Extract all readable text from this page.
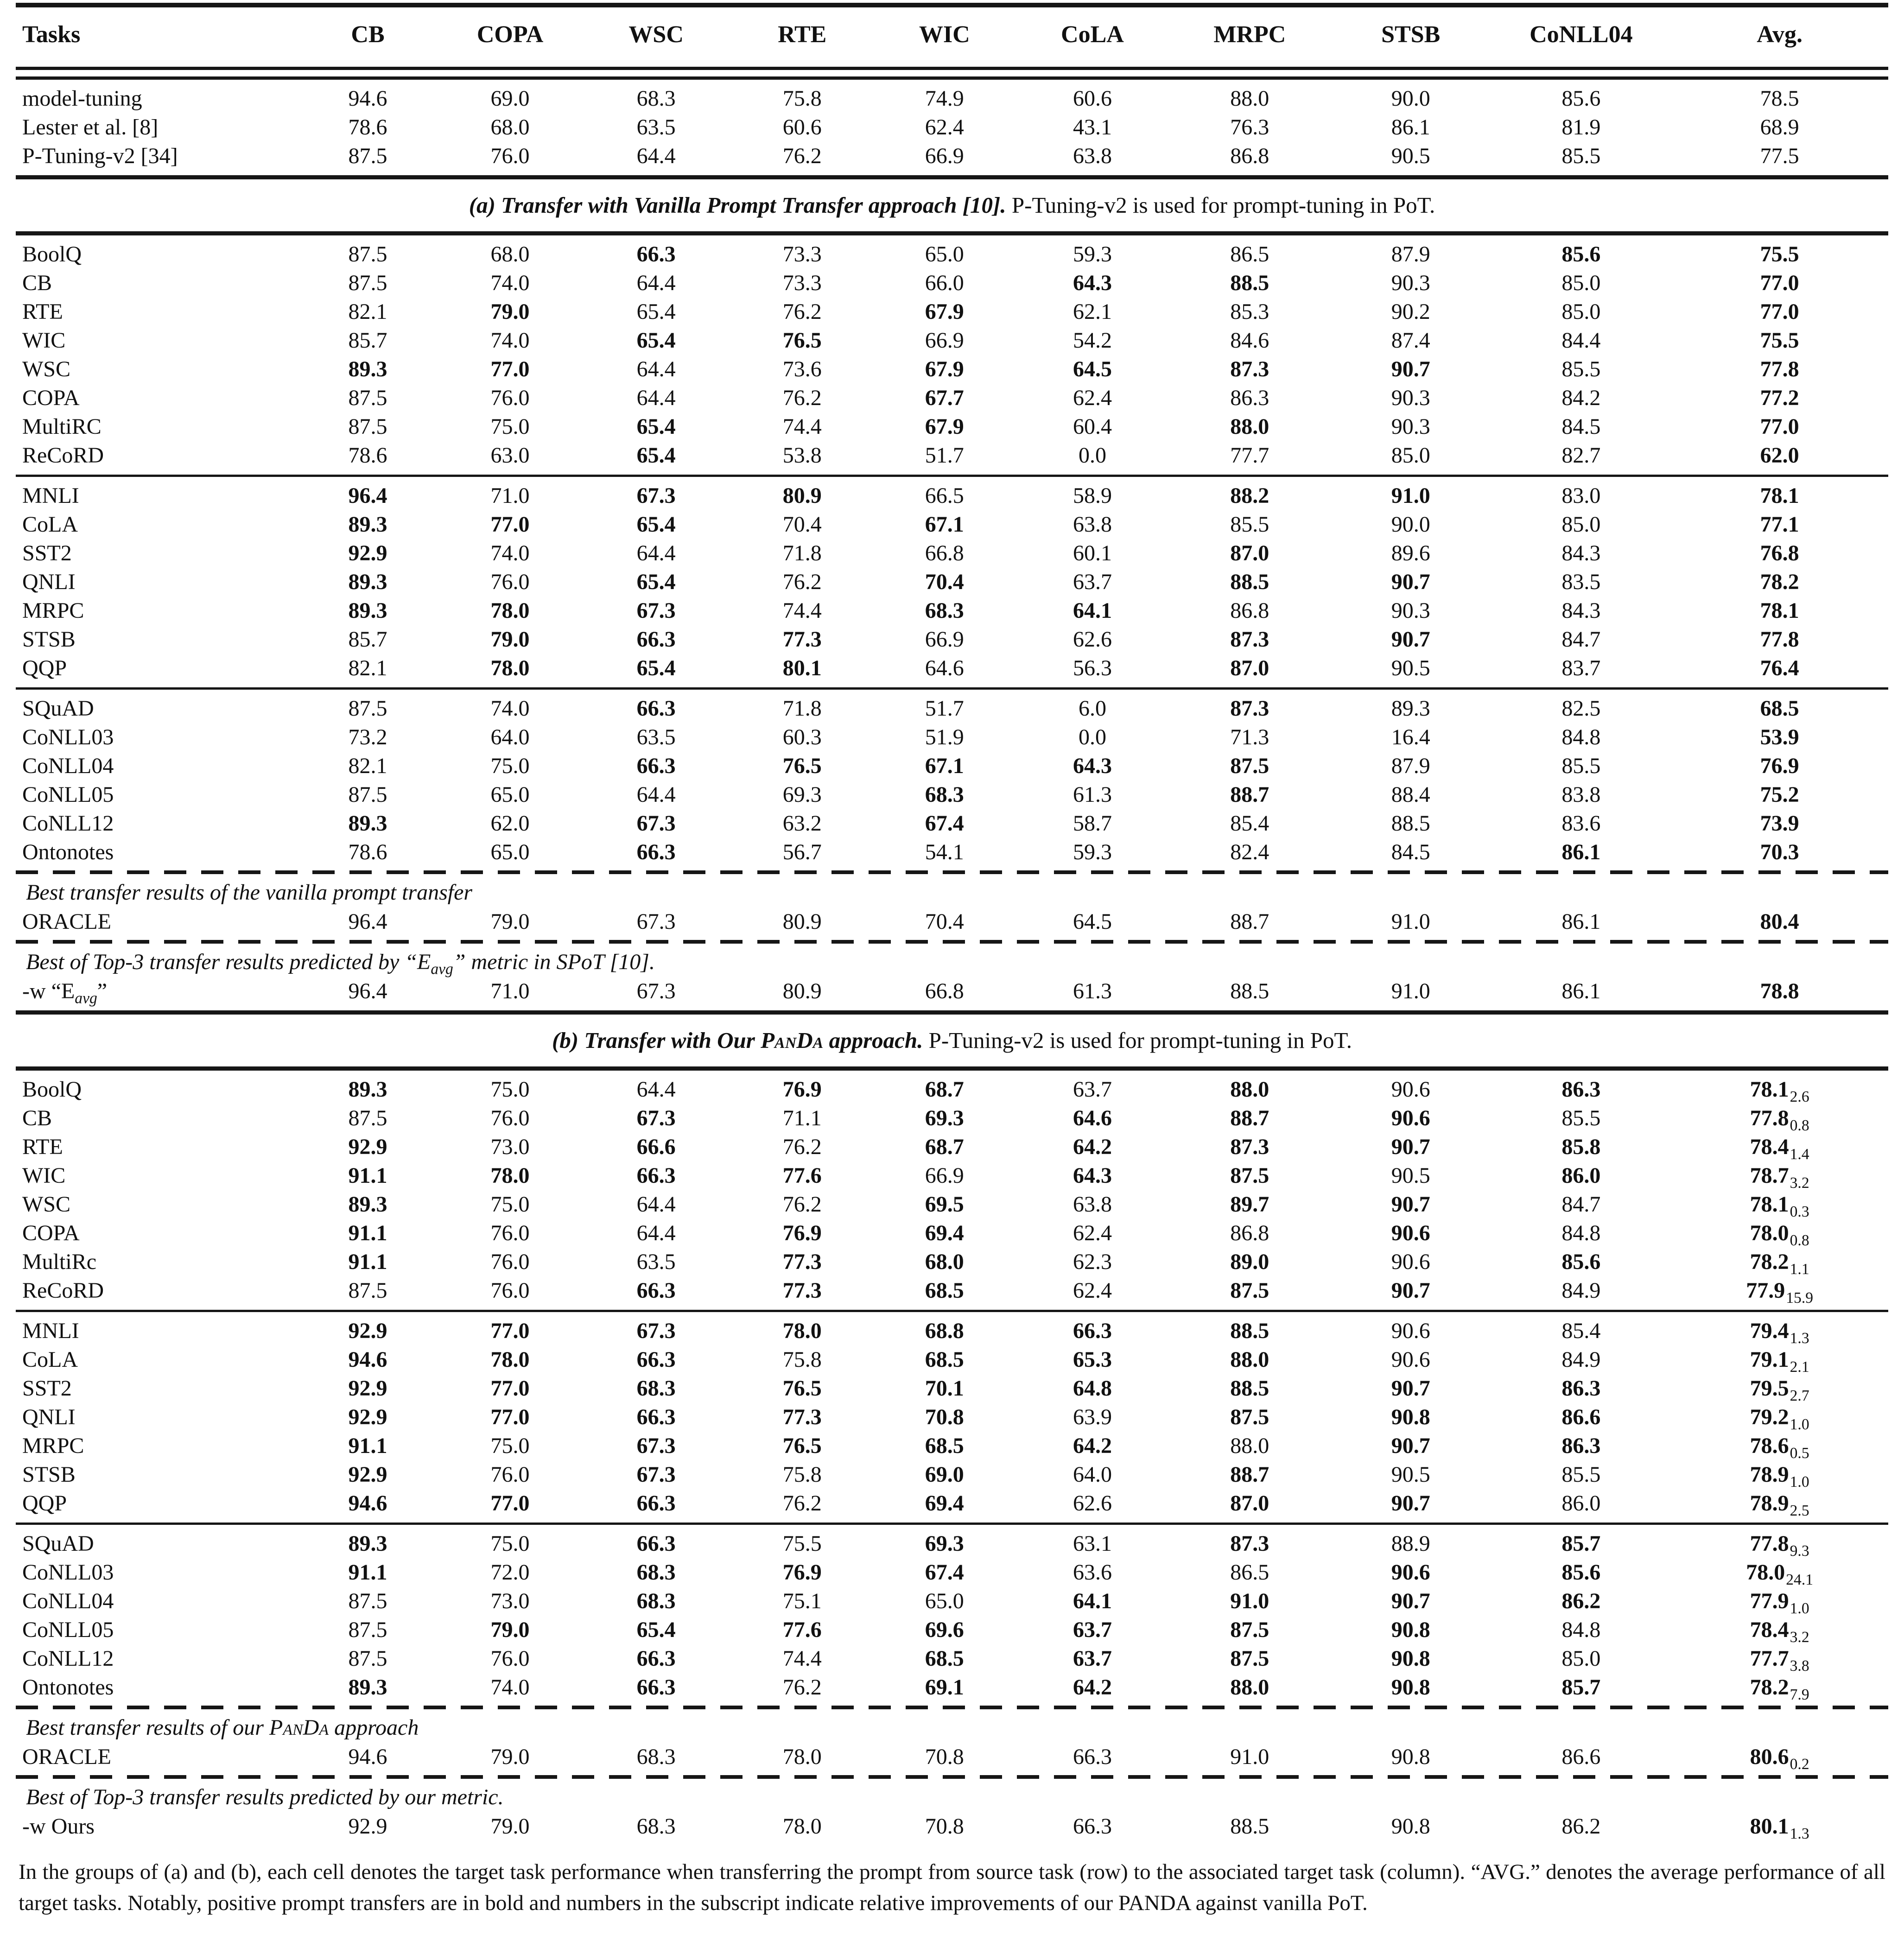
Tasks	CB	COPA	WSC	RTE	WIC	CoLA	MRPC	STSB	CoNLL04	Avg.

model-tuning	94.6	69.0	68.3	75.8	74.9	60.6	88.0	90.0	85.6	78.5
Lester et al. [8]	78.6	68.0	63.5	60.6	62.4	43.1	76.3	86.1	81.9	68.9
P-Tuning-v2 [34]	87.5	76.0	64.4	76.2	66.9	63.8	86.8	90.5	85.5	77.5

(a) Transfer with Vanilla Prompt Transfer approach [10]. P-Tuning-v2 is used for prompt-tuning in PoT.										

BoolQ	87.5	68.0	66.3	73.3	65.0	59.3	86.5	87.9	85.6	75.5
CB	87.5	74.0	64.4	73.3	66.0	64.3	88.5	90.3	85.0	77.0
RTE	82.1	79.0	65.4	76.2	67.9	62.1	85.3	90.2	85.0	77.0
WIC	85.7	74.0	65.4	76.5	66.9	54.2	84.6	87.4	84.4	75.5
WSC	89.3	77.0	64.4	73.6	67.9	64.5	87.3	90.7	85.5	77.8
COPA	87.5	76.0	64.4	76.2	67.7	62.4	86.3	90.3	84.2	77.2
MultiRC	87.5	75.0	65.4	74.4	67.9	60.4	88.0	90.3	84.5	77.0
ReCoRD	78.6	63.0	65.4	53.8	51.7	0.0	77.7	85.0	82.7	62.0

MNLI	96.4	71.0	67.3	80.9	66.5	58.9	88.2	91.0	83.0	78.1
CoLA	89.3	77.0	65.4	70.4	67.1	63.8	85.5	90.0	85.0	77.1
SST2	92.9	74.0	64.4	71.8	66.8	60.1	87.0	89.6	84.3	76.8
QNLI	89.3	76.0	65.4	76.2	70.4	63.7	88.5	90.7	83.5	78.2
MRPC	89.3	78.0	67.3	74.4	68.3	64.1	86.8	90.3	84.3	78.1
STSB	85.7	79.0	66.3	77.3	66.9	62.6	87.3	90.7	84.7	77.8
QQP	82.1	78.0	65.4	80.1	64.6	56.3	87.0	90.5	83.7	76.4

SQuAD	87.5	74.0	66.3	71.8	51.7	6.0	87.3	89.3	82.5	68.5
CoNLL03	73.2	64.0	63.5	60.3	51.9	0.0	71.3	16.4	84.8	53.9
CoNLL04	82.1	75.0	66.3	76.5	67.1	64.3	87.5	87.9	85.5	76.9
CoNLL05	87.5	65.0	64.4	69.3	68.3	61.3	88.7	88.4	83.8	75.2
CoNLL12	89.3	62.0	67.3	63.2	67.4	58.7	85.4	88.5	83.6	73.9
Ontonotes	78.6	65.0	66.3	56.7	54.1	59.3	82.4	84.5	86.1	70.3

Best transfer results of the vanilla prompt transfer										
ORACLE	96.4	79.0	67.3	80.9	70.4	64.5	88.7	91.0	86.1	80.4

Best of Top-3 transfer results predicted by “$E_{avg}$” metric in SPoT [10].										
-w “$E_{avg}$”	96.4	71.0	67.3	80.9	66.8	61.3	88.5	91.0	86.1	78.8

(b) Transfer with Our PanDa approach. P-Tuning-v2 is used for prompt-tuning in PoT.										

BoolQ	89.3	75.0	64.4	76.9	68.7	63.7	88.0	90.6	86.3	$78.1_{2.6}$
CB	87.5	76.0	67.3	71.1	69.3	64.6	88.7	90.6	85.5	$77.8_{0.8}$
RTE	92.9	73.0	66.6	76.2	68.7	64.2	87.3	90.7	85.8	$78.4_{1.4}$
WIC	91.1	78.0	66.3	77.6	66.9	64.3	87.5	90.5	86.0	$78.7_{3.2}$
WSC	89.3	75.0	64.4	76.2	69.5	63.8	89.7	90.7	84.7	$78.1_{0.3}$
COPA	91.1	76.0	64.4	76.9	69.4	62.4	86.8	90.6	84.8	$78.0_{0.8}$
MultiRc	91.1	76.0	63.5	77.3	68.0	62.3	89.0	90.6	85.6	$78.2_{1.1}$
ReCoRD	87.5	76.0	66.3	77.3	68.5	62.4	87.5	90.7	84.9	$77.9_{15.9}$

MNLI	92.9	77.0	67.3	78.0	68.8	66.3	88.5	90.6	85.4	$79.4_{1.3}$
CoLA	94.6	78.0	66.3	75.8	68.5	65.3	88.0	90.6	84.9	$79.1_{2.1}$
SST2	92.9	77.0	68.3	76.5	70.1	64.8	88.5	90.7	86.3	$79.5_{2.7}$
QNLI	92.9	77.0	66.3	77.3	70.8	63.9	87.5	90.8	86.6	$79.2_{1.0}$
MRPC	91.1	75.0	67.3	76.5	68.5	64.2	88.0	90.7	86.3	$78.6_{0.5}$
STSB	92.9	76.0	67.3	75.8	69.0	64.0	88.7	90.5	85.5	$78.9_{1.0}$
QQP	94.6	77.0	66.3	76.2	69.4	62.6	87.0	90.7	86.0	$78.9_{2.5}$

SQuAD	89.3	75.0	66.3	75.5	69.3	63.1	87.3	88.9	85.7	$77.8_{9.3}$
CoNLL03	91.1	72.0	68.3	76.9	67.4	63.6	86.5	90.6	85.6	$78.0_{24.1}$
CoNLL04	87.5	73.0	68.3	75.1	65.0	64.1	91.0	90.7	86.2	$77.9_{1.0}$
CoNLL05	87.5	79.0	65.4	77.6	69.6	63.7	87.5	90.8	84.8	$78.4_{3.2}$
CoNLL12	87.5	76.0	66.3	74.4	68.5	63.7	87.5	90.8	85.0	$77.7_{3.8}$
Ontonotes	89.3	74.0	66.3	76.2	69.1	64.2	88.0	90.8	85.7	$78.2_{7.9}$

Best transfer results of our PanDa approach										
ORACLE	94.6	79.0	68.3	78.0	70.8	66.3	91.0	90.8	86.6	$80.6_{0.2}$

Best of Top-3 transfer results predicted by our metric.										
-w Ours	92.9	79.0	68.3	78.0	70.8	66.3	88.5	90.8	86.2	$80.1_{1.3}$

In the groups of (a) and (b), each cell denotes the target task performance when transferring the prompt from source task (row) to the associated target task (column). “AVG.” denotes the average performance of all target tasks. Notably, positive prompt transfers are in bold and numbers in the subscript indicate relative improvements of our PANDA against vanilla PoT.
